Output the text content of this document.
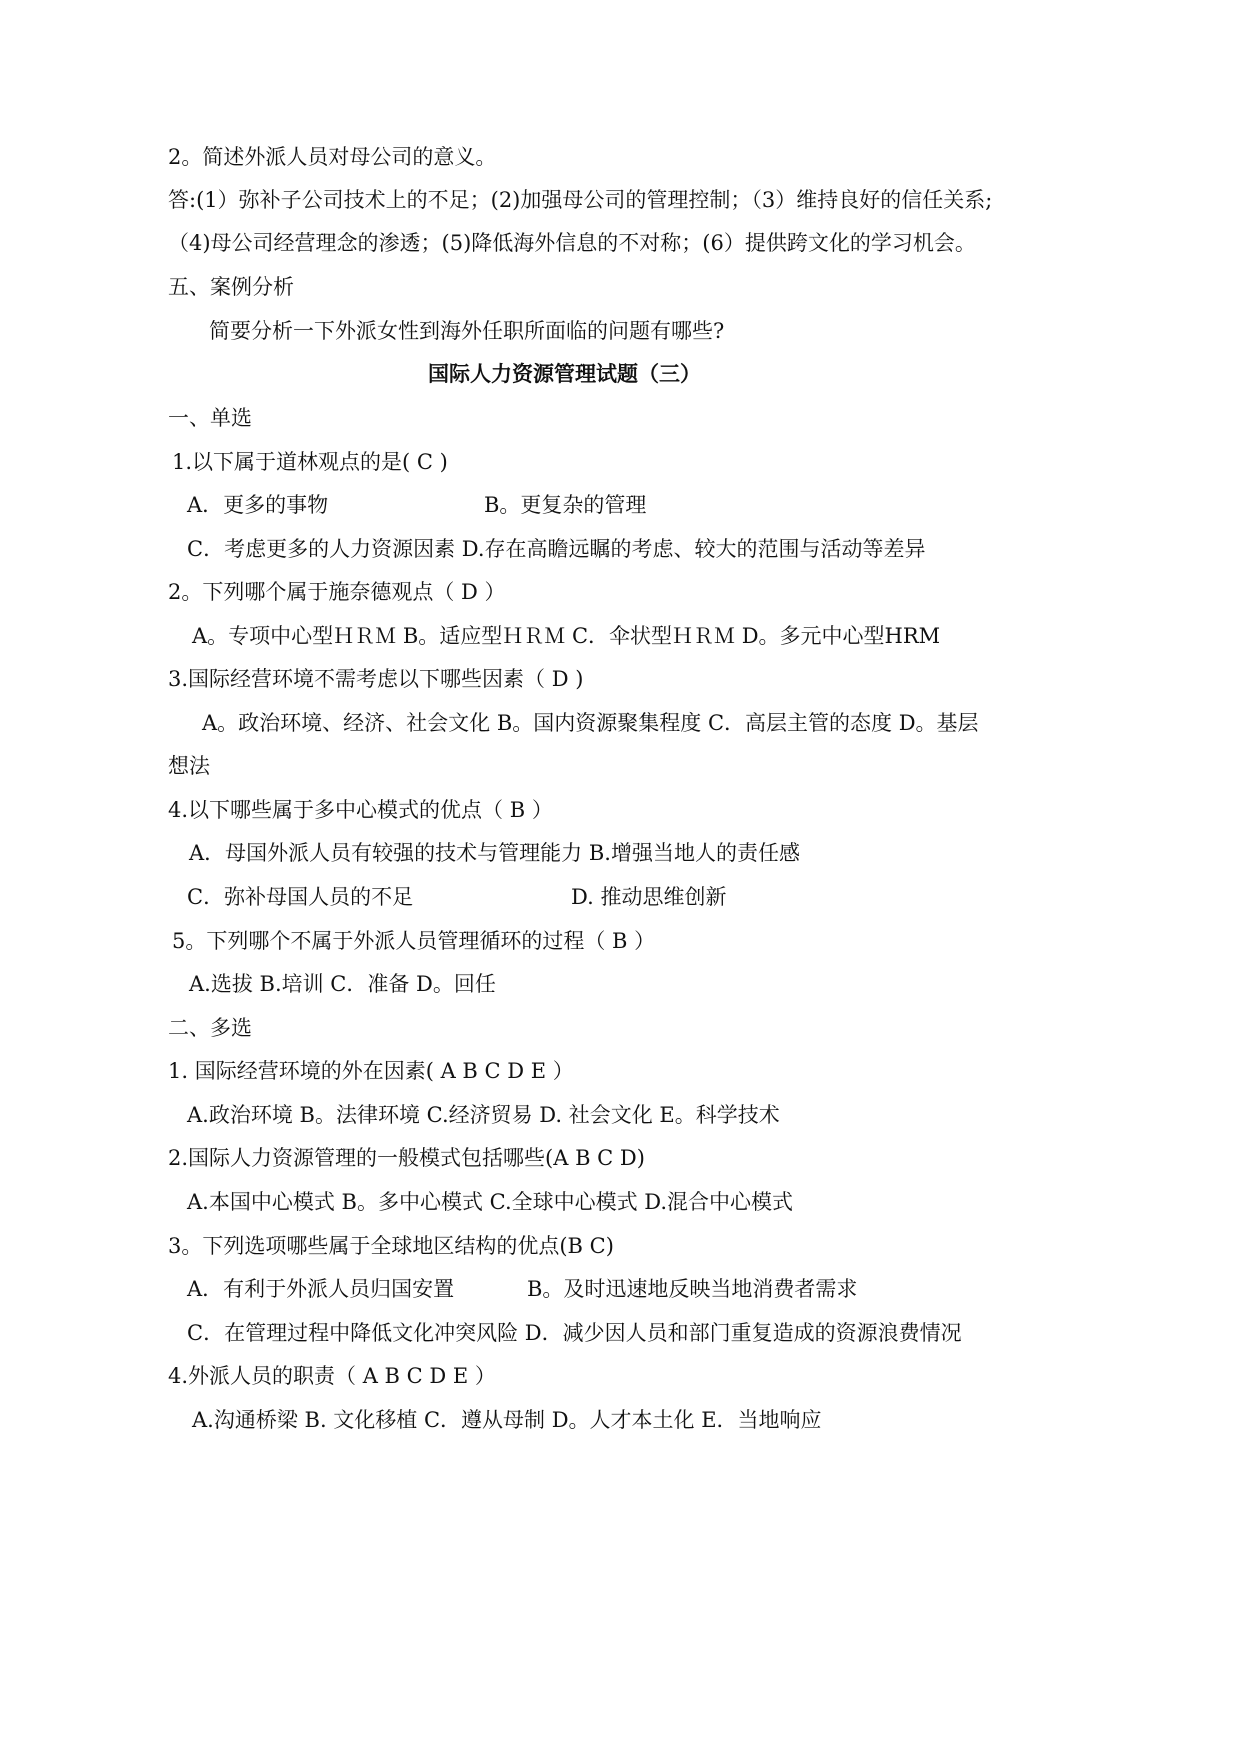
2。简述外派人员对母公司的意义。
答:(1）弥补子公司技术上的不足；(2)加强母公司的管理控制；（3）维持良好的信任关系;
（4)母公司经营理念的渗透；(5)降低海外信息的不对称；(6）提供跨文化的学习机会。
五、案例分析
简要分析一下外派女性到海外任职所面临的问题有哪些?
国际人力资源管理试题（三）
一、单选
1.以下属于道林观点的是( C )
A．更多的事物	B。更复杂的管理
C．考虑更多的人力资源因素 D.存在高瞻远瞩的考虑、较大的范围与活动等差异
2。下列哪个属于施奈德观点（ D ）
A。专项中心型ＨＲＭ B。适应型ＨＲＭ C．伞状型ＨＲＭ D。多元中心型HRM
3.国际经营环境不需考虑以下哪些因素（ D )
A。政治环境、经济、社会文化 B。国内资源聚集程度 C．高层主管的态度 D。基层
想法
4.以下哪些属于多中心模式的优点（ B ）
A．母国外派人员有较强的技术与管理能力 B.增强当地人的责任感
C．弥补母国人员的不足	D. 推动思维创新
5。下列哪个不属于外派人员管理循环的过程（ B ）
A.选拔 B.培训 C．准备 D。回任
二、多选
1. 国际经营环境的外在因素( A B C D E ）
A.政治环境 B。法律环境 C.经济贸易 D. 社会文化 E。科学技术
2.国际人力资源管理的一般模式包括哪些(A B C D)
A.本国中心模式 B。多中心模式 C.全球中心模式 D.混合中心模式
3。下列选项哪些属于全球地区结构的优点(B C)
A．有利于外派人员归国安置	B。及时迅速地反映当地消费者需求
C．在管理过程中降低文化冲突风险 D．减少因人员和部门重复造成的资源浪费情况
4.外派人员的职责（ A B C D E ）
A.沟通桥梁 B. 文化移植 C．遵从母制 D。人才本土化 E．当地响应
